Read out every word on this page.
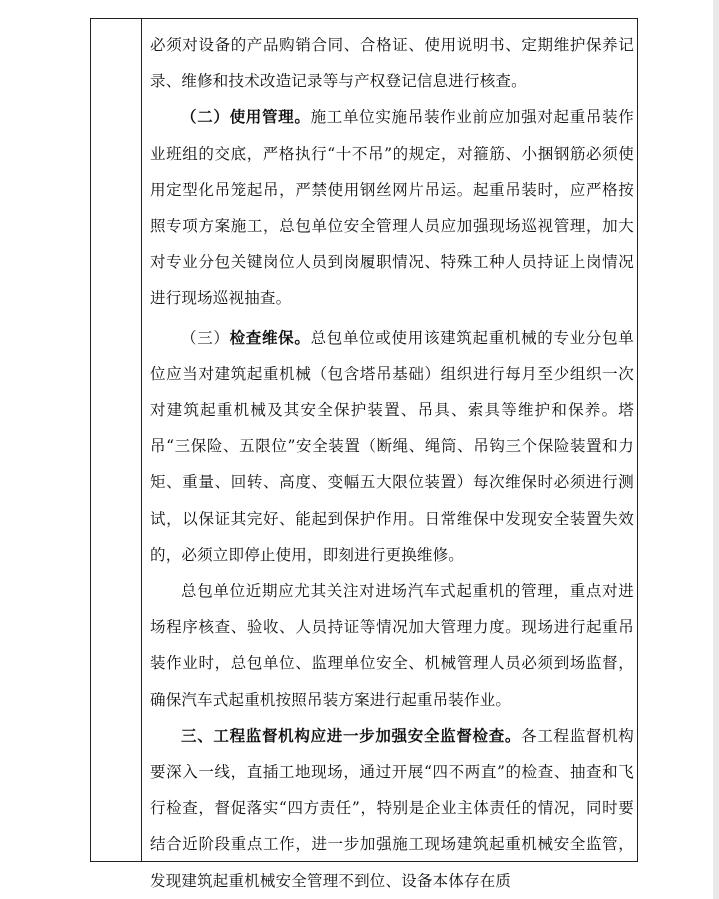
必须对设备的产品购销合同、合格证、使用说明书、定期维护保养记录、维修和技术改造记录等与产权登记信息进行核查。

（二）使用管理。施工单位实施吊装作业前应加强对起重吊装作业班组的交底，严格执行“十不吊”的规定，对箍筋、小捆钢筋必须使用定型化吊笼起吊，严禁使用钢丝网片吊运。起重吊装时，应严格按照专项方案施工，总包单位安全管理人员应加强现场巡视管理，加大对专业分包关键岗位人员到岗履职情况、特殊工种人员持证上岗情况进行现场巡视抽查。

（三）检查维保。总包单位或使用该建筑起重机械的专业分包单位应当对建筑起重机械（包含塔吊基础）组织进行每月至少组织一次对建筑起重机械及其安全保护装置、吊具、索具等维护和保养。塔吊“三保险、五限位”安全装置（断绳、绳筒、吊钩三个保险装置和力矩、重量、回转、高度、变幅五大限位装置）每次维保时必须进行测试，以保证其完好、能起到保护作用。日常维保中发现安全装置失效的，必须立即停止使用，即刻进行更换维修。

总包单位近期应尤其关注对进场汽车式起重机的管理，重点对进场程序核查、验收、人员持证等情况加大管理力度。现场进行起重吊装作业时，总包单位、监理单位安全、机械管理人员必须到场监督，确保汽车式起重机按照吊装方案进行起重吊装作业。

三、工程监督机构应进一步加强安全监督检查。各工程监督机构要深入一线，直插工地现场，通过开展“四不两直”的检查、抽查和飞行检查，督促落实“四方责任”，特别是企业主体责任的情况，同时要结合近阶段重点工作，进一步加强施工现场建筑起重机械安全监管，发现建筑起重机械安全管理不到位、设备本体存在质
